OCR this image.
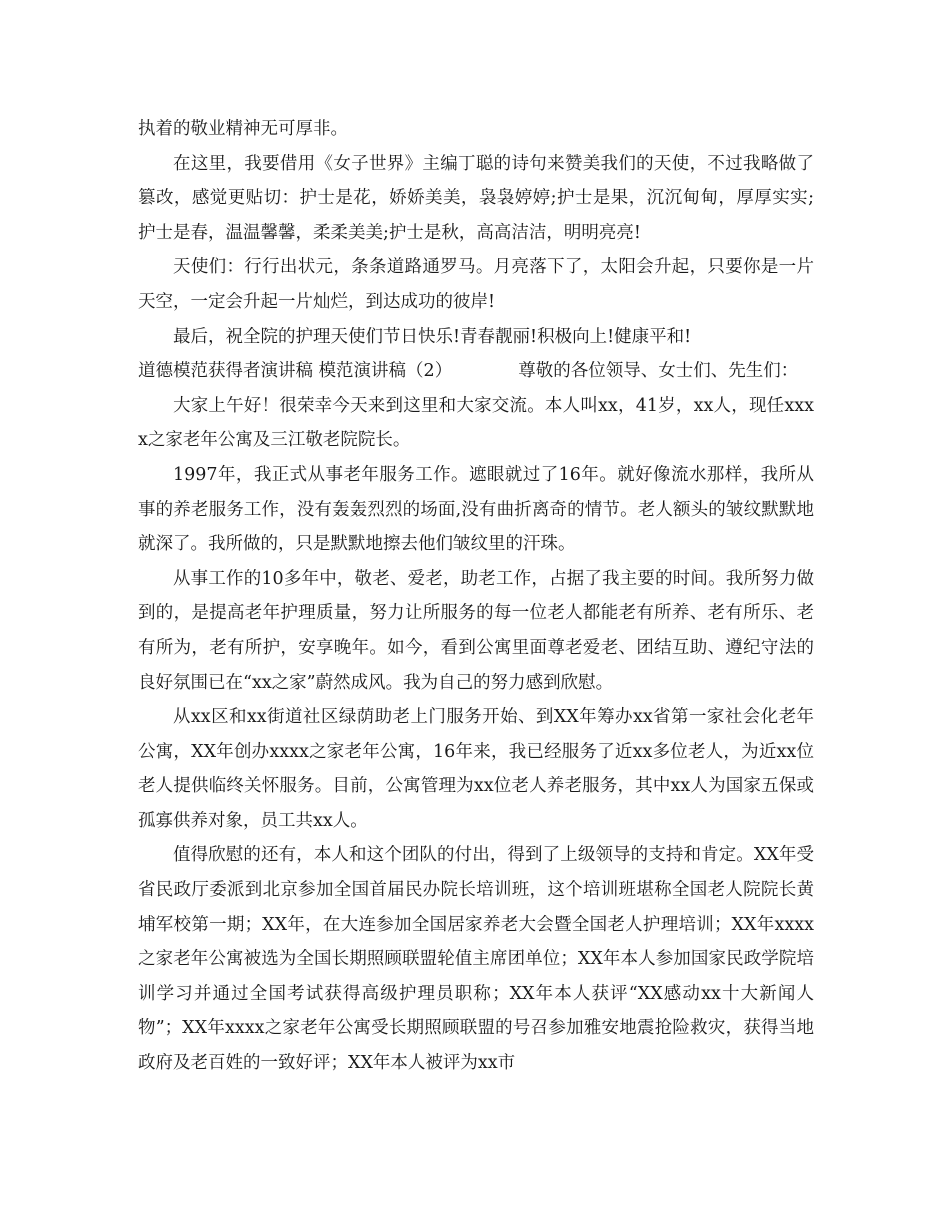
执着的敬业精神无可厚非。

在这里，我要借用《女子世界》主编丁聪的诗句来赞美我们的天使，不过我略做了篡改，感觉更贴切：护士是花，娇娇美美，袅袅婷婷;护士是果，沉沉甸甸，厚厚实实;护士是春，温温馨馨，柔柔美美;护士是秋，高高洁洁，明明亮亮!

天使们：行行出状元，条条道路通罗马。月亮落下了，太阳会升起，只要你是一片天空，一定会升起一片灿烂，到达成功的彼岸!

最后，祝全院的护理天使们节日快乐!青春靓丽!积极向上!健康平和!

道德模范获得者演讲稿 模范演讲稿（2）	尊敬的各位领导、女士们、先生们：

大家上午好！很荣幸今天来到这里和大家交流。本人叫xx，41岁，xx人，现任xxxx之家老年公寓及三江敬老院院长。

1997年，我正式从事老年服务工作。遮眼就过了16年。就好像流水那样，我所从事的养老服务工作，没有轰轰烈烈的场面,没有曲折离奇的情节。老人额头的皱纹默默地就深了。我所做的，只是默默地擦去他们皱纹里的汗珠。

从事工作的10多年中，敬老、爱老，助老工作，占据了我主要的时间。我所努力做到的，是提高老年护理质量，努力让所服务的每一位老人都能老有所养、老有所乐、老有所为，老有所护，安享晚年。如今，看到公寓里面尊老爱老、团结互助、遵纪守法的良好氛围已在“xx之家”蔚然成风。我为自己的努力感到欣慰。

从xx区和xx街道社区绿荫助老上门服务开始、到XX年筹办xx省第一家社会化老年公寓，XX年创办xxxx之家老年公寓，16年来，我已经服务了近xx多位老人，为近xx位老人提供临终关怀服务。目前，公寓管理为xx位老人养老服务，其中xx人为国家五保或孤寡供养对象，员工共xx人。

值得欣慰的还有，本人和这个团队的付出，得到了上级领导的支持和肯定。XX年受省民政厅委派到北京参加全国首届民办院长培训班，这个培训班堪称全国老人院院长黄埔军校第一期；XX年，在大连参加全国居家养老大会暨全国老人护理培训；XX年xxxx之家老年公寓被选为全国长期照顾联盟轮值主席团单位；XX年本人参加国家民政学院培训学习并通过全国考试获得高级护理员职称；XX年本人获评“XX感动xx十大新闻人物”；XX年xxxx之家老年公寓受长期照顾联盟的号召参加雅安地震抢险救灾，获得当地政府及老百姓的一致好评；XX年本人被评为xx市
